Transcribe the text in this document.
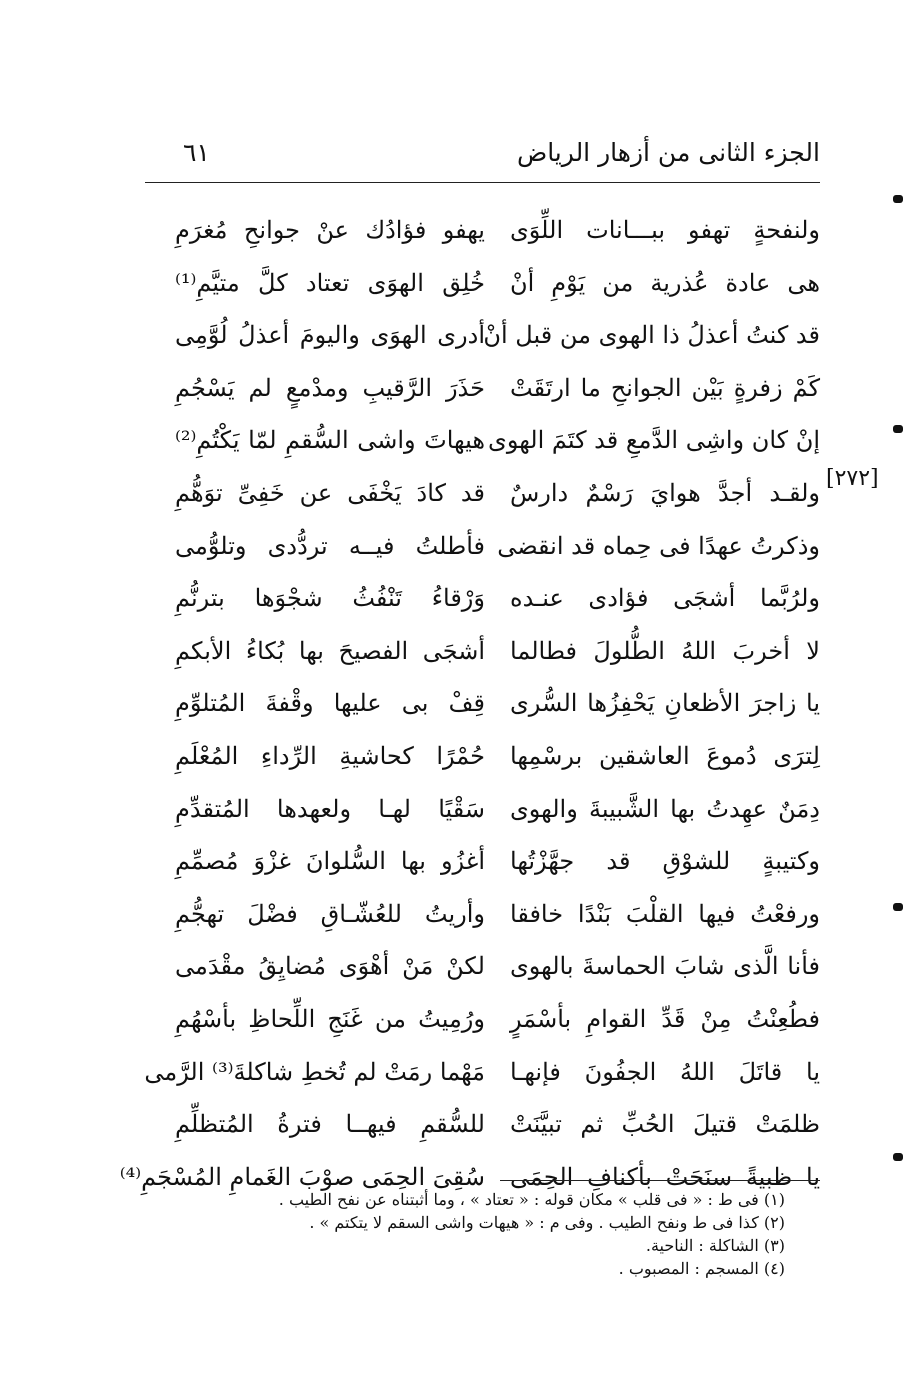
الجزء الثانى من أزهار الرياض
٦١
[٢٧٢]
ولنفحةٍ تهفو ببـــانات اللِّوَى
يهفو فؤادُك عنْ جوانحِ مُغرَمِ
هى عادة عُذرية من يَوْمِ أنْ
خُلِق الهوَى تعتاد كلَّ متيَّمِ⁽¹⁾
قد كنتُ أعذلُ ذا الهوى من قبل أنْ
أدرى الهوَى واليومَ أعذلُ لُوَّمِى
كَمْ زفرةٍ بَيْن الجوانحِ ما ارتَقَتْ
حَذَرَ الرَّقيبِ ومدْمعٍ لم يَسْجُمِ
إنْ كان واشِى الدَّمعِ قد كتَمَ الهوى
هيهاتَ واشى السُّقمِ لمّا يَكْتُمِ⁽²⁾
ولقـد أجدَّ هوايَ رَسْمٌ دارسٌ
قد كادَ يَخْفَى عن خَفِىِّ توَهُّمِ
وذكرتُ عهدًا فى حِماه قد انقضى
فأطلتُ فيــه تردُّدى وتلوُّمى
ولرُبَّما أشجَى فؤادى عنـده
وَرْقاءُ تَنْفُثُ شجْوَها بترنُّمِ
لا أخربَ اللهُ الطُّلولَ فطالما
أشجَى الفصيحَ بها بُكاءُ الأبكمِ
يا زاجرَ الأظعانِ يَحْفِزُها السُّرى
قِفْ بى عليها وقْفةَ المُتلوِّمِ
لِترَى دُموعَ العاشقين برسْمِها
حُمْرًا كحاشيةِ الرِّداءِ المُعْلَمِ
دِمَنٌ عهِدتُ بها الشَّبيبةَ والهوى
سَقْيًا لهـا ولعهدها المُتقدِّمِ
وكتيبةٍ للشوْقِ قد جهَّزْتُها
أغزُو بها السُّلوانَ غزْوَ مُصمِّمِ
ورفعْتُ فيها القلْبَ بَنْدًا خافقا
وأريتُ للعُشّـاقِ فضْلَ تهجُّمِ
فأنا الَّذى شابَ الحماسةَ بالهوى
لكنْ مَنْ أهْوَى مُضايِقُ مقْدَمى
فطُعِنْتُ مِنْ قَدِّ القوامِ بأسْمَرٍ
ورُمِيتُ من غَنَجِ اللِّحاظِ بأسْهُمِ
يا قاتَلَ اللهُ الجفُونَ فإنهـا
مَهْما رمَتْ لم تُخطِ شاكلةَ⁽³⁾ الرَّمى
ظلمَتْ قتيلَ الحُبِّ ثم تبيَّنَتْ
للسُّقمِ فيهــا فترةُ المُتظلِّمِ
يا ظبيةً سنَحَتْ بأكنافِ الحِمَى
سُقِىَ الحِمَى صوْبَ الغَمامِ المُسْجَمِ⁽⁴⁾
(١) فى ط : « فى قلب » مكان قوله : « تعتاد » ، وما أثبتناه عن نفح الطيب .
(٢) كذا فى ط ونفح الطيب . وفى م : « هيهات واشى السقم لا يتكتم » .
(٣) الشاكلة : الناحية.
(٤) المسجم : المصبوب .
